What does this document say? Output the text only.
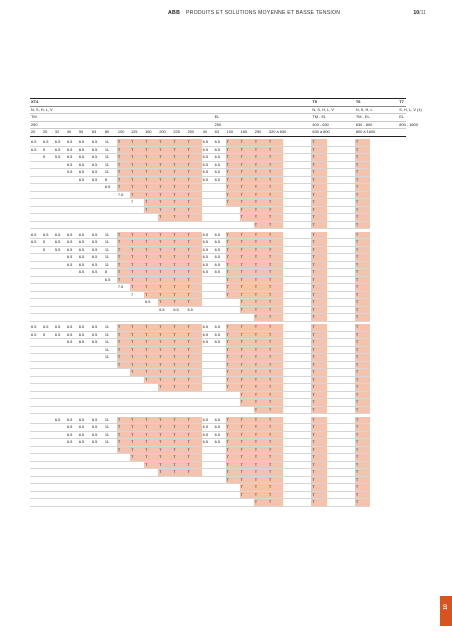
ABB PRODUITS ET SOLUTIONS MOYENNE ET BASSE TENSION	10/11
XT4																				T5		T6		T7
N, S, H, L, V																				N, S, H, L, V		N, S, H, L		S, H, L, V (1)
TM														EL						TM - EL		TM - EL		EL
250														250						400 - 630		630 - 800		800 - 1600
20	25	32	40	50	63	80	100	125	160	200	225	250	40	63	100	160	250	320 à 630		630 à 800		800 à 1600		

6.5	6.5	6.5	6.5	6.5	6.5	11	T	T	T	T	T	T	6.5	6.5	T	T	T	T		T		T		
6.5	5	6.5	6.5	6.5	6.5	11	T	T	T	T	T	T	6.5	6.5	T	T	T	T		T		T		
	5	5.5	6.5	6.5	6.5	11	T	T	T	T	T	T	6.5	6.5	T	T	T	T		T		T		
			6.5	6.5	6.5	11	T	T	T	T	T	T	6.5	6.5	T	T	T	T		T		T		
			5.5	6.5	6.5	11	T	T	T	T	T	T	6.5	6.5	T	T	T	T		T		T		
				6.5	6.5	8	T	T	T	T	T	T	6.5	6.5	T	T	T	T		T		T		
						6.5	T	T	T	T	T	T			T	T	T	T		T		T		
							7.5	T	T	T	T	T			T	T	T	T		T		T		
								7	T	T	T	T			T	T	T	T		T		T		
									T	T	T	T				T	T	T		T		T		
										T	T	T				T	T	T		T		T		
																	T	T		T		T		

6.5	6.5	6.5	6.5	6.5	6.5	11	T	T	T	T	T	T	6.5	6.5	T	T	T	T		T		T		
6.5	5	6.5	6.5	6.5	6.5	11	T	T	T	T	T	T	6.5	6.5	T	T	T	T		T		T		
	5	5.5	6.5	6.5	6.5	11	T	T	T	T	T	T	6.5	6.5	T	T	T	T		T		T		
			6.5	6.5	6.5	11	T	T	T	T	T	T	6.5	6.5	T	T	T	T		T		T		
			6.5	6.5	6.5	11	T	T	T	T	T	T	6.5	6.5	T	T	T	T		T		T		
				6.5	6.5	8	T	T	T	T	T	T	6.5	6.5	T	T	T	T		T		T		
						6.5	T	T	T	T	T	T			T	T	T	T		T		T		
							7.5	T	T	T	T	T			T	T	T	T		T		T		
								7	T	T	T	T			T	T	T	T		T		T		
									6.5	T	T	T				T	T	T		T		T		
										6.5	6.5	6.5				T	T	T		T		T		
																	T	T		T		T		

6.5	6.5	6.5	6.5	6.5	6.5	11	T	T	T	T	T	T	6.5	6.5	T	T	T	T		T		T		
6.5	5	6.5	6.5	6.5	6.5	11	T	T	T	T	T	T	6.5	6.5	T	T	T	T		T		T		
			6.5	6.5	6.5	11	T	T	T	T	T	T	6.5	6.5	T	T	T	T		T		T		
						11	T	T	T	T	T	T			T	T	T	T		T		T		
						11	T	T	T	T	T	T			T	T	T	T		T		T		
							T	T	T	T	T	T			T	T	T	T		T		T		
								T	T	T	T	T			T	T	T	T		T		T		
									T	T	T	T			T	T	T	T		T		T		
										T	T	T			T	T	T	T		T		T		
																T	T	T		T		T		
																T	T	T		T		T		
																	T	T		T		T		

		6.5	6.5	6.5	6.5	11	T	T	T	T	T	T	6.5	6.5	T	T	T	T		T		T		
			6.5	6.5	6.5	11	T	T	T	T	T	T	6.5	6.5	T	T	T	T		T		T		
			6.5	6.5	6.5	11	T	T	T	T	T	T	6.5	6.5	T	T	T	T		T		T		
			6.5	6.5	6.5	11	T	T	T	T	T	T	6.5	6.5	T	T	T	T		T		T		
							T	T	T	T	T	T			T	T	T	T		T		T		
								T	T	T	T	T			T	T	T	T		T		T		
									T	T	T	T			T	T	T	T		T		T		
										T	T	T			T	T	T	T		T		T		
															T	T	T	T		T		T		
																T	T	T		T		T		
																T	T	T		T		T		
																	T	T		T		T		
10
